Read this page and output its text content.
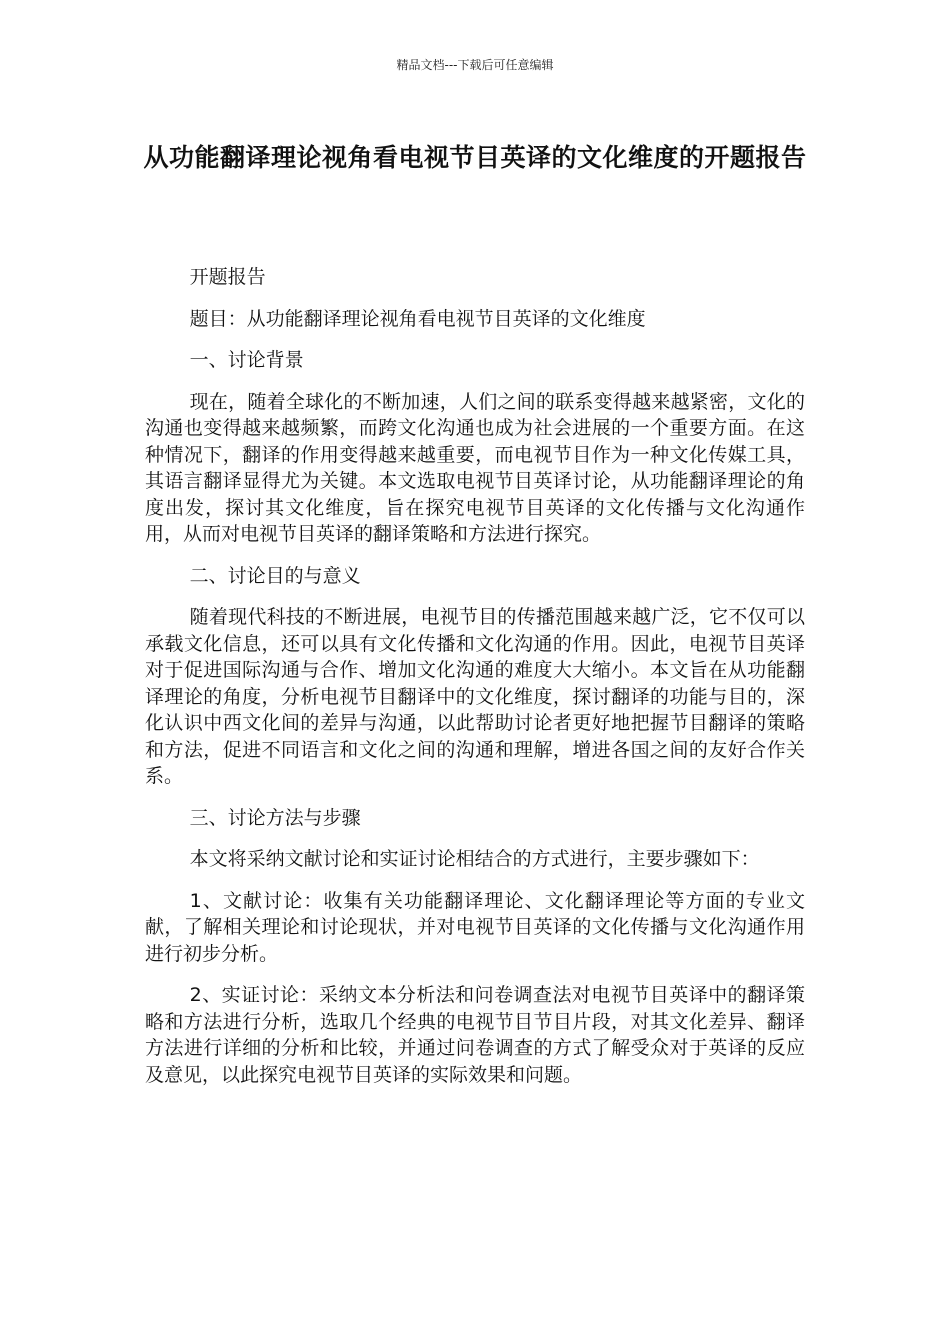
精品文档---下载后可任意编辑

从功能翻译理论视角看电视节目英译的文化维度的开题报告

开题报告

题目：从功能翻译理论视角看电视节目英译的文化维度

一、讨论背景

现在，随着全球化的不断加速，人们之间的联系变得越来越紧密，文化的沟通也变得越来越频繁，而跨文化沟通也成为社会进展的一个重要方面。在这种情况下，翻译的作用变得越来越重要，而电视节目作为一种文化传媒工具，其语言翻译显得尤为关键。本文选取电视节目英译讨论，从功能翻译理论的角度出发，探讨其文化维度，旨在探究电视节目英译的文化传播与文化沟通作用，从而对电视节目英译的翻译策略和方法进行探究。

二、讨论目的与意义

随着现代科技的不断进展，电视节目的传播范围越来越广泛，它不仅可以承载文化信息，还可以具有文化传播和文化沟通的作用。因此，电视节目英译对于促进国际沟通与合作、增加文化沟通的难度大大缩小。本文旨在从功能翻译理论的角度，分析电视节目翻译中的文化维度，探讨翻译的功能与目的，深化认识中西文化间的差异与沟通，以此帮助讨论者更好地把握节目翻译的策略和方法，促进不同语言和文化之间的沟通和理解，增进各国之间的友好合作关系。

三、讨论方法与步骤

本文将采纳文献讨论和实证讨论相结合的方式进行，主要步骤如下：

1、文献讨论：收集有关功能翻译理论、文化翻译理论等方面的专业文献，了解相关理论和讨论现状，并对电视节目英译的文化传播与文化沟通作用进行初步分析。

2、实证讨论：采纳文本分析法和问卷调查法对电视节目英译中的翻译策略和方法进行分析，选取几个经典的电视节目节目片段，对其文化差异、翻译方法进行详细的分析和比较，并通过问卷调查的方式了解受众对于英译的反应及意见，以此探究电视节目英译的实际效果和问题。
